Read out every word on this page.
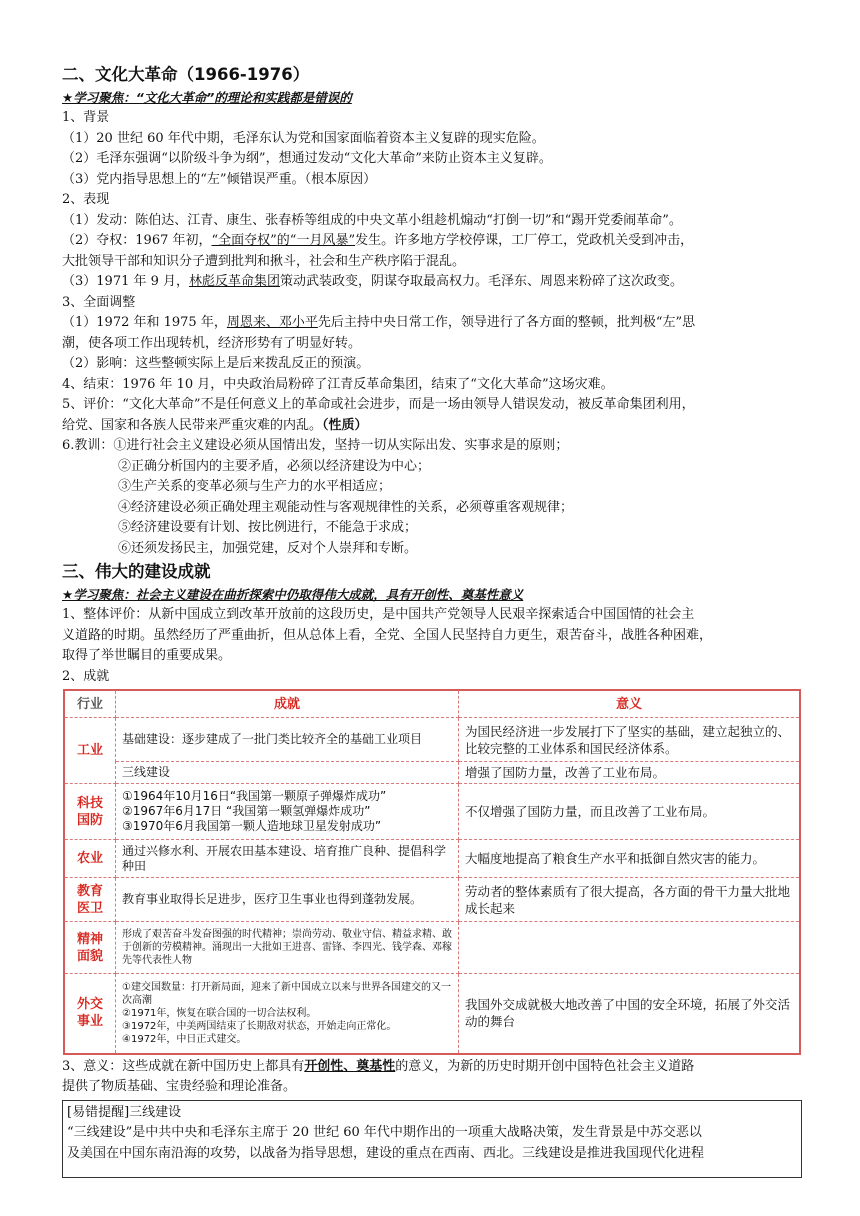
二、文化大革命（1966-1976）
★学习聚焦：“文化大革命”的理论和实践都是错误的
1、背景
（1）20 世纪 60 年代中期，毛泽东认为党和国家面临着资本主义复辟的现实危险。
（2）毛泽东强调“以阶级斗争为纲”，想通过发动“文化大革命”来防止资本主义复辟。
（3）党内指导思想上的“左”倾错误严重。（根本原因）
2、表现
（1）发动：陈伯达、江青、康生、张春桥等组成的中央文革小组趁机煽动“打倒一切”和“踢开党委闹革命”。
（2）夺权：1967 年初，“全面夺权”的“一月风暴”发生。许多地方学校停课，工厂停工，党政机关受到冲击，
大批领导干部和知识分子遭到批判和揪斗，社会和生产秩序陷于混乱。
（3）1971 年 9 月，林彪反革命集团策动武装政变，阴谋夺取最高权力。毛泽东、周恩来粉碎了这次政变。
3、全面调整
（1）1972 年和 1975 年，周恩来、邓小平先后主持中央日常工作，领导进行了各方面的整顿，批判极“左”思
潮，使各项工作出现转机，经济形势有了明显好转。
（2）影响：这些整顿实际上是后来拨乱反正的预演。
4、结束：1976 年 10 月，中央政治局粉碎了江青反革命集团，结束了“文化大革命”这场灾难。
5、评价：“文化大革命”不是任何意义上的革命或社会进步，而是一场由领导人错误发动，被反革命集团利用，
给党、国家和各族人民带来严重灾难的内乱。（性质）
6.教训：①进行社会主义建设必须从国情出发，坚持一切从实际出发、实事求是的原则；
②正确分析国内的主要矛盾，必须以经济建设为中心；
③生产关系的变革必须与生产力的水平相适应；
④经济建设必须正确处理主观能动性与客观规律性的关系，必须尊重客观规律；
⑤经济建设要有计划、按比例进行，不能急于求成；
⑥还须发扬民主，加强党建，反对个人崇拜和专断。
三、伟大的建设成就
★学习聚焦：社会主义建设在曲折探索中仍取得伟大成就，具有开创性、奠基性意义
1、整体评价：从新中国成立到改革开放前的这段历史，是中国共产党领导人民艰辛探索适合中国国情的社会主
义道路的时期。虽然经历了严重曲折，但从总体上看，全党、全国人民坚持自力更生，艰苦奋斗，战胜各种困难，
取得了举世瞩目的重要成果。
2、成就
行业	成就	意义
工业	基础建设：逐步建成了一批门类比较齐全的基础工业项目	为国民经济进一步发展打下了坚实的基础，建立起独立的、比较完整的工业体系和国民经济体系。
	三线建设	增强了国防力量，改善了工业布局。
科技国防	①1964年10月16日“我国第一颗原子弹爆炸成功”
②1967年6月17日 “我国第一颗氢弹爆炸成功”
③1970年6月我国第一颗人造地球卫星发射成功”	不仅增强了国防力量，而且改善了工业布局。
农业	通过兴修水利、开展农田基本建设、培育推广良种、提倡科学种田	大幅度地提高了粮食生产水平和抵御自然灾害的能力。
教育医卫	教育事业取得长足进步，医疗卫生事业也得到蓬勃发展。	劳动者的整体素质有了很大提高，各方面的骨干力量大批地成长起来
精神面貌	形成了艰苦奋斗发奋图强的时代精神；崇尚劳动、敬业守信、精益求精、敢于创新的劳模精神。涌现出一大批如王进喜、雷锋、李四光、钱学森、邓稼先等代表性人物	
外交事业	①建交国数量：打开新局面，迎来了新中国成立以来与世界各国建交的又一次高潮
②1971年，恢复在联合国的一切合法权利。
③1972年，中美两国结束了长期敌对状态，开始走向正常化。
④1972年，中日正式建交。	我国外交成就极大地改善了中国的安全环境，拓展了外交活动的舞台
3、意义：这些成就在新中国历史上都具有开创性、奠基性的意义，为新的历史时期开创中国特色社会主义道路
提供了物质基础、宝贵经验和理论准备。
[易错提醒]三线建设
“三线建设”是中共中央和毛泽东主席于 20 世纪 60 年代中期作出的一项重大战略决策，发生背景是中苏交恶以
及美国在中国东南沿海的攻势，以战备为指导思想，建设的重点在西南、西北。三线建设是推进我国现代化进程
